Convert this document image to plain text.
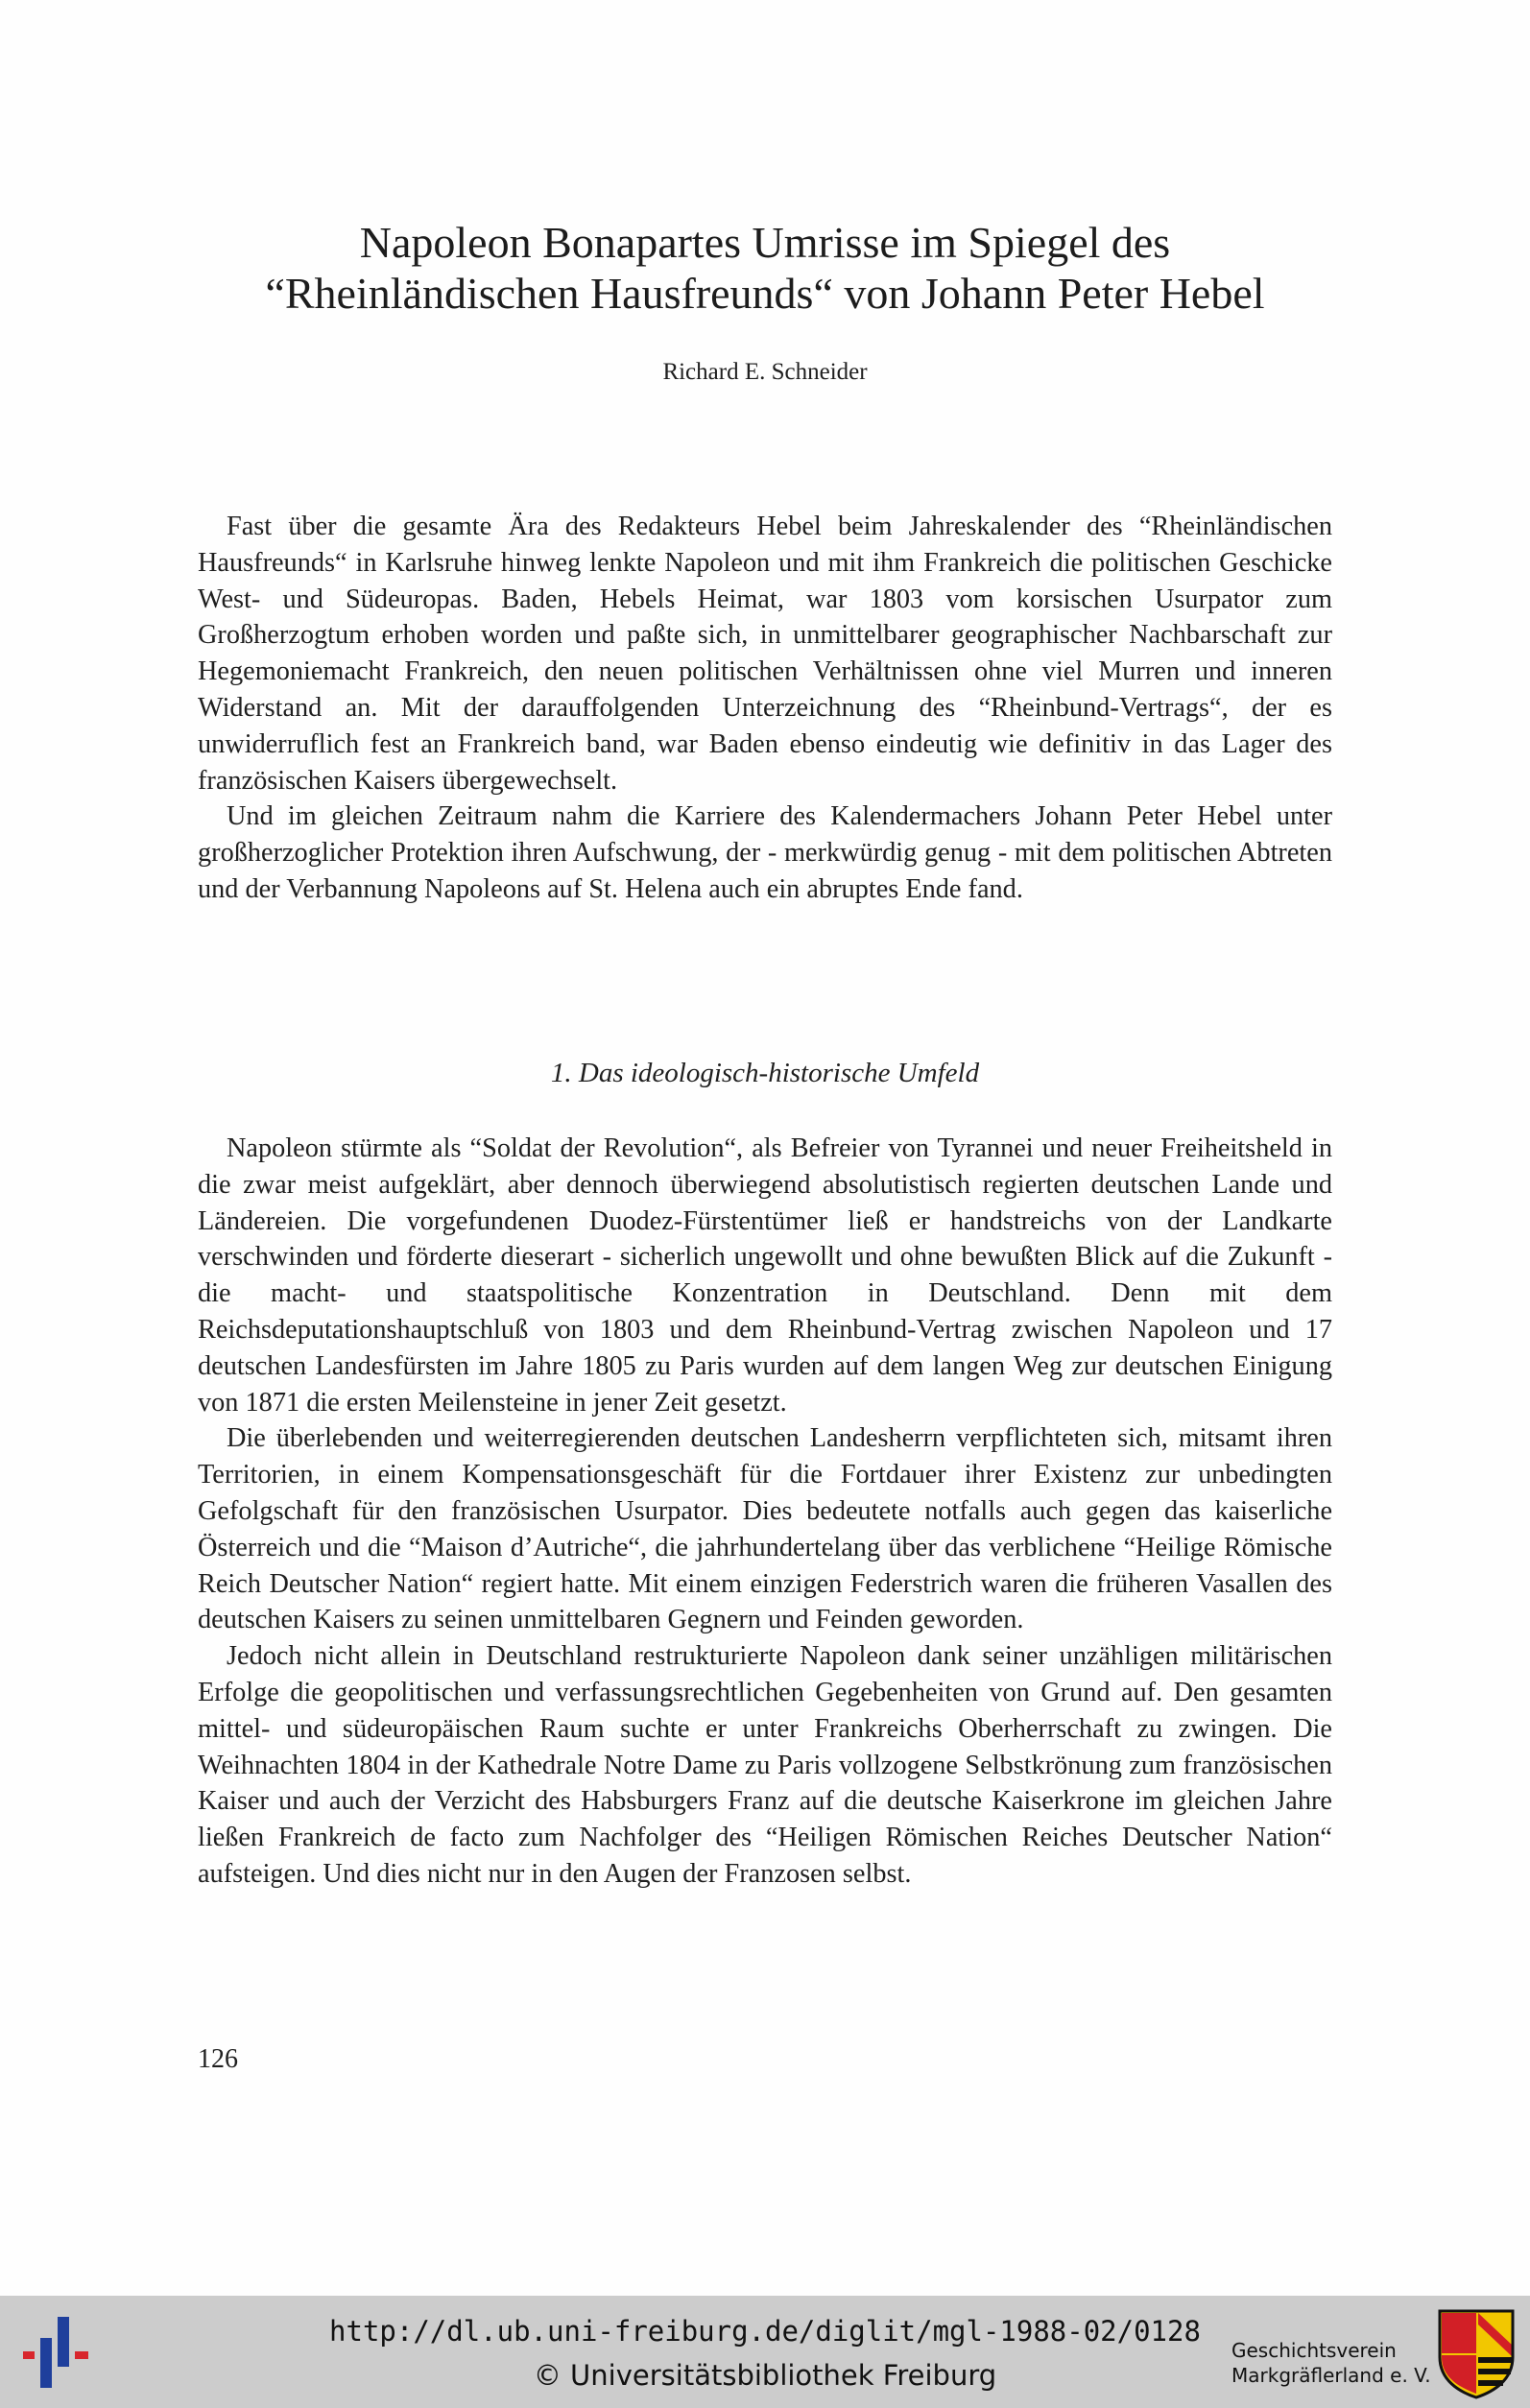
Napoleon Bonapartes Umrisse im Spiegel des
“Rheinländischen Hausfreunds“ von Johann Peter Hebel
Richard E. Schneider

Fast über die gesamte Ära des Redakteurs Hebel beim Jahreskalender des “Rheinländischen Hausfreunds“ in Karlsruhe hinweg lenkte Napoleon und mit ihm Frankreich die politischen Geschicke West- und Südeuropas. Baden, Hebels Heimat, war 1803 vom korsischen Usurpator zum Großherzogtum erhoben worden und paßte sich, in unmittelbarer geographischer Nachbarschaft zur Hegemoniemacht Frankreich, den neuen politischen Verhältnissen ohne viel Murren und inneren Widerstand an. Mit der darauffolgenden Unterzeichnung des “Rheinbund-Vertrags“, der es unwiderruflich fest an Frankreich band, war Baden ebenso eindeutig wie definitiv in das Lager des französischen Kaisers übergewechselt.

Und im gleichen Zeitraum nahm die Karriere des Kalendermachers Johann Peter Hebel unter großherzoglicher Protektion ihren Aufschwung, der - merkwürdig genug - mit dem politischen Abtreten und der Verbannung Napoleons auf St. Helena auch ein abruptes Ende fand.

1. Das ideologisch-historische Umfeld

Napoleon stürmte als “Soldat der Revolution“, als Befreier von Tyrannei und neuer Freiheitsheld in die zwar meist aufgeklärt, aber dennoch überwiegend absolutistisch regierten deutschen Lande und Ländereien. Die vorgefundenen Duodez-Fürstentümer ließ er handstreichs von der Landkarte verschwinden und förderte dieserart - sicherlich ungewollt und ohne bewußten Blick auf die Zukunft - die macht- und staatspolitische Konzentration in Deutschland. Denn mit dem Reichsdeputationshauptschluß von 1803 und dem Rheinbund-Vertrag zwischen Napoleon und 17 deutschen Landesfürsten im Jahre 1805 zu Paris wurden auf dem langen Weg zur deutschen Einigung von 1871 die ersten Meilensteine in jener Zeit gesetzt.

Die überlebenden und weiterregierenden deutschen Landesherrn verpflichteten sich, mitsamt ihren Territorien, in einem Kompensationsgeschäft für die Fortdauer ihrer Existenz zur unbedingten Gefolgschaft für den französischen Usurpator. Dies bedeutete notfalls auch gegen das kaiserliche Österreich und die “Maison d’Autriche“, die jahrhundertelang über das verblichene “Heilige Römische Reich Deutscher Nation“ regiert hatte. Mit einem einzigen Federstrich waren die früheren Vasallen des deutschen Kaisers zu seinen unmittelbaren Gegnern und Feinden geworden.

Jedoch nicht allein in Deutschland restrukturierte Napoleon dank seiner unzähligen militärischen Erfolge die geopolitischen und verfassungsrechtlichen Gegebenheiten von Grund auf. Den gesamten mittel- und südeuropäischen Raum suchte er unter Frankreichs Oberherrschaft zu zwingen. Die Weihnachten 1804 in der Kathedrale Notre Dame zu Paris vollzogene Selbstkrönung zum französischen Kaiser und auch der Verzicht des Habsburgers Franz auf die deutsche Kaiserkrone im gleichen Jahre ließen Frankreich de facto zum Nachfolger des “Heiligen Römischen Reiches Deutscher Nation“ aufsteigen. Und dies nicht nur in den Augen der Franzosen selbst.

126
http://dl.ub.uni-freiburg.de/diglit/mgl-1988-02/0128
© Universitätsbibliothek Freiburg
Geschichtsverein
Markgräflerland e. V.
